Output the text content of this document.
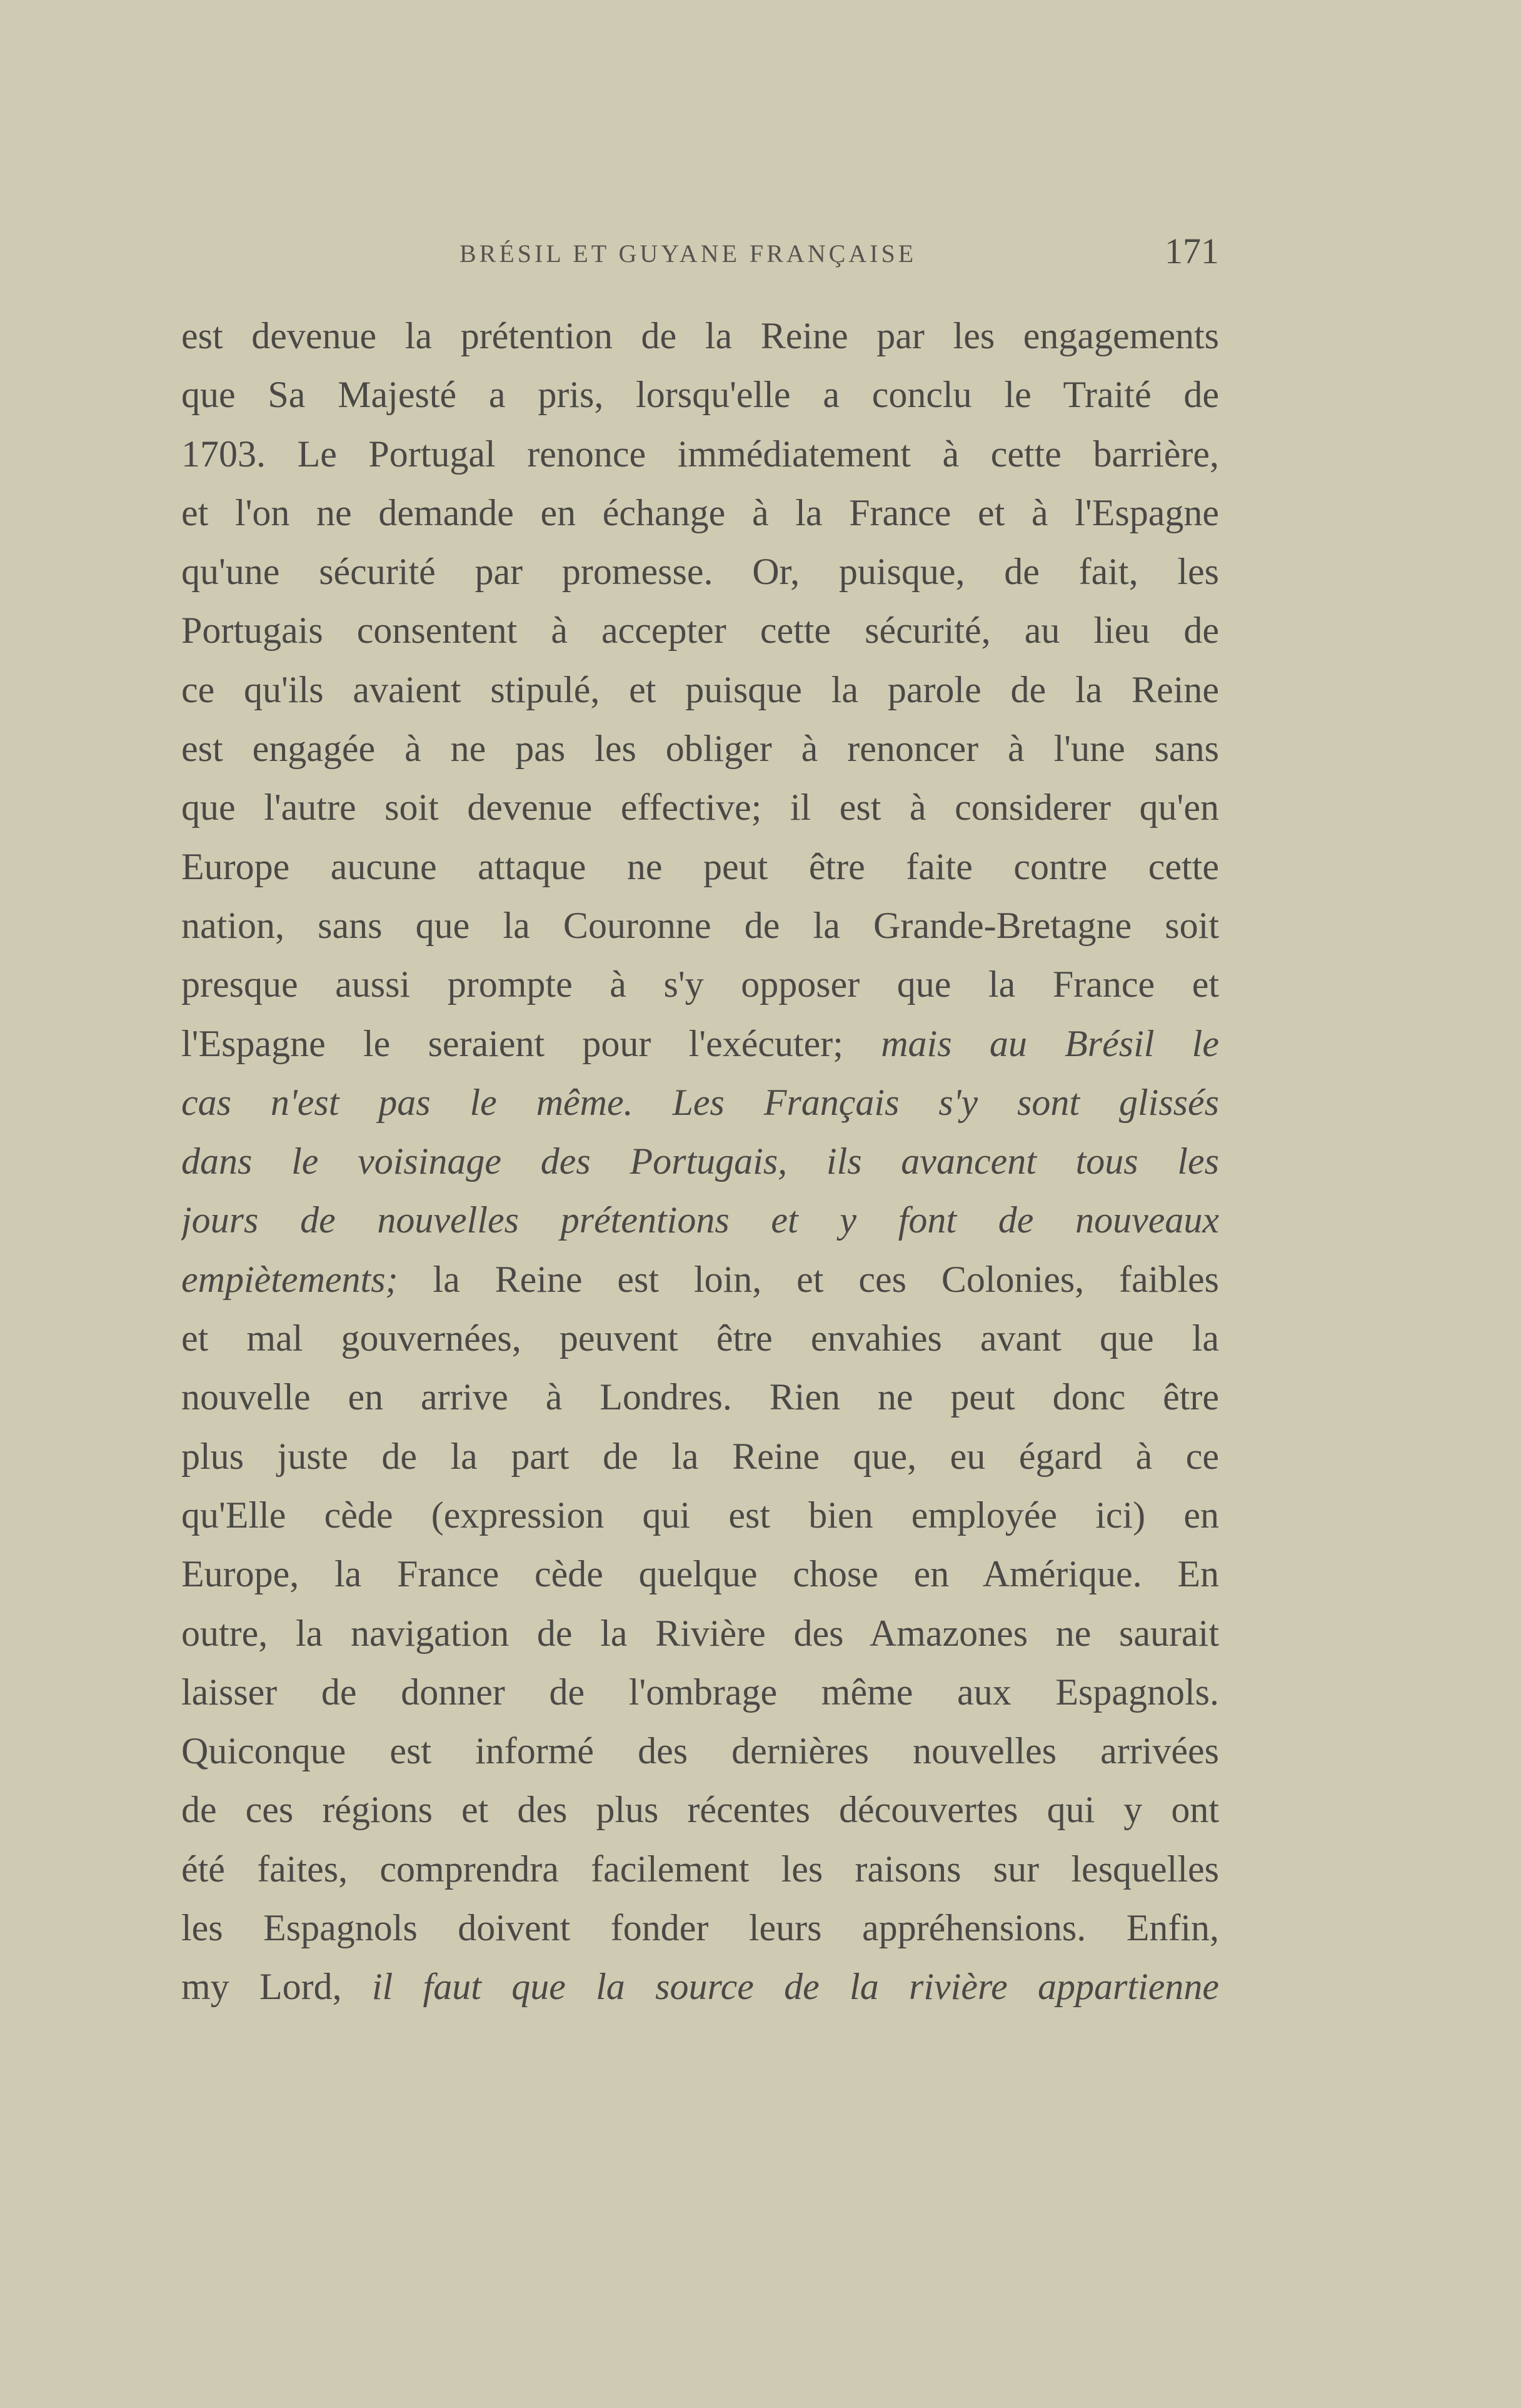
BRÉSIL ET GUYANE FRANÇAISE	171
est devenue la prétention de la Reine par les engagements
que Sa Majesté a pris, lorsqu'elle a conclu le Traité de
1703. Le Portugal renonce immédiatement à cette barrière,
et l'on ne demande en échange à la France et à l'Espagne
qu'une sécurité par promesse. Or, puisque, de fait, les
Portugais consentent à accepter cette sécurité, au lieu de
ce qu'ils avaient stipulé, et puisque la parole de la Reine
est engagée à ne pas les obliger à renoncer à l'une sans
que l'autre soit devenue effective; il est à considerer qu'en
Europe aucune attaque ne peut être faite contre cette
nation, sans que la Couronne de la Grande-Bretagne soit
presque aussi prompte à s'y opposer que la France et
l'Espagne le seraient pour l'exécuter; mais au Brésil le
cas n'est pas le même. Les Français s'y sont glissés
dans le voisinage des Portugais, ils avancent tous les
jours de nouvelles prétentions et y font de nouveaux
empiètements; la Reine est loin, et ces Colonies, faibles
et mal gouvernées, peuvent être envahies avant que la
nouvelle en arrive à Londres. Rien ne peut donc être
plus juste de la part de la Reine que, eu égard à ce
qu'Elle cède (expression qui est bien employée ici) en
Europe, la France cède quelque chose en Amérique. En
outre, la navigation de la Rivière des Amazones ne saurait
laisser de donner de l'ombrage même aux Espagnols.
Quiconque est informé des dernières nouvelles arrivées
de ces régions et des plus récentes découvertes qui y ont
été faites, comprendra facilement les raisons sur lesquelles
les Espagnols doivent fonder leurs appréhensions. Enfin,
my Lord, il faut que la source de la rivière appartienne
